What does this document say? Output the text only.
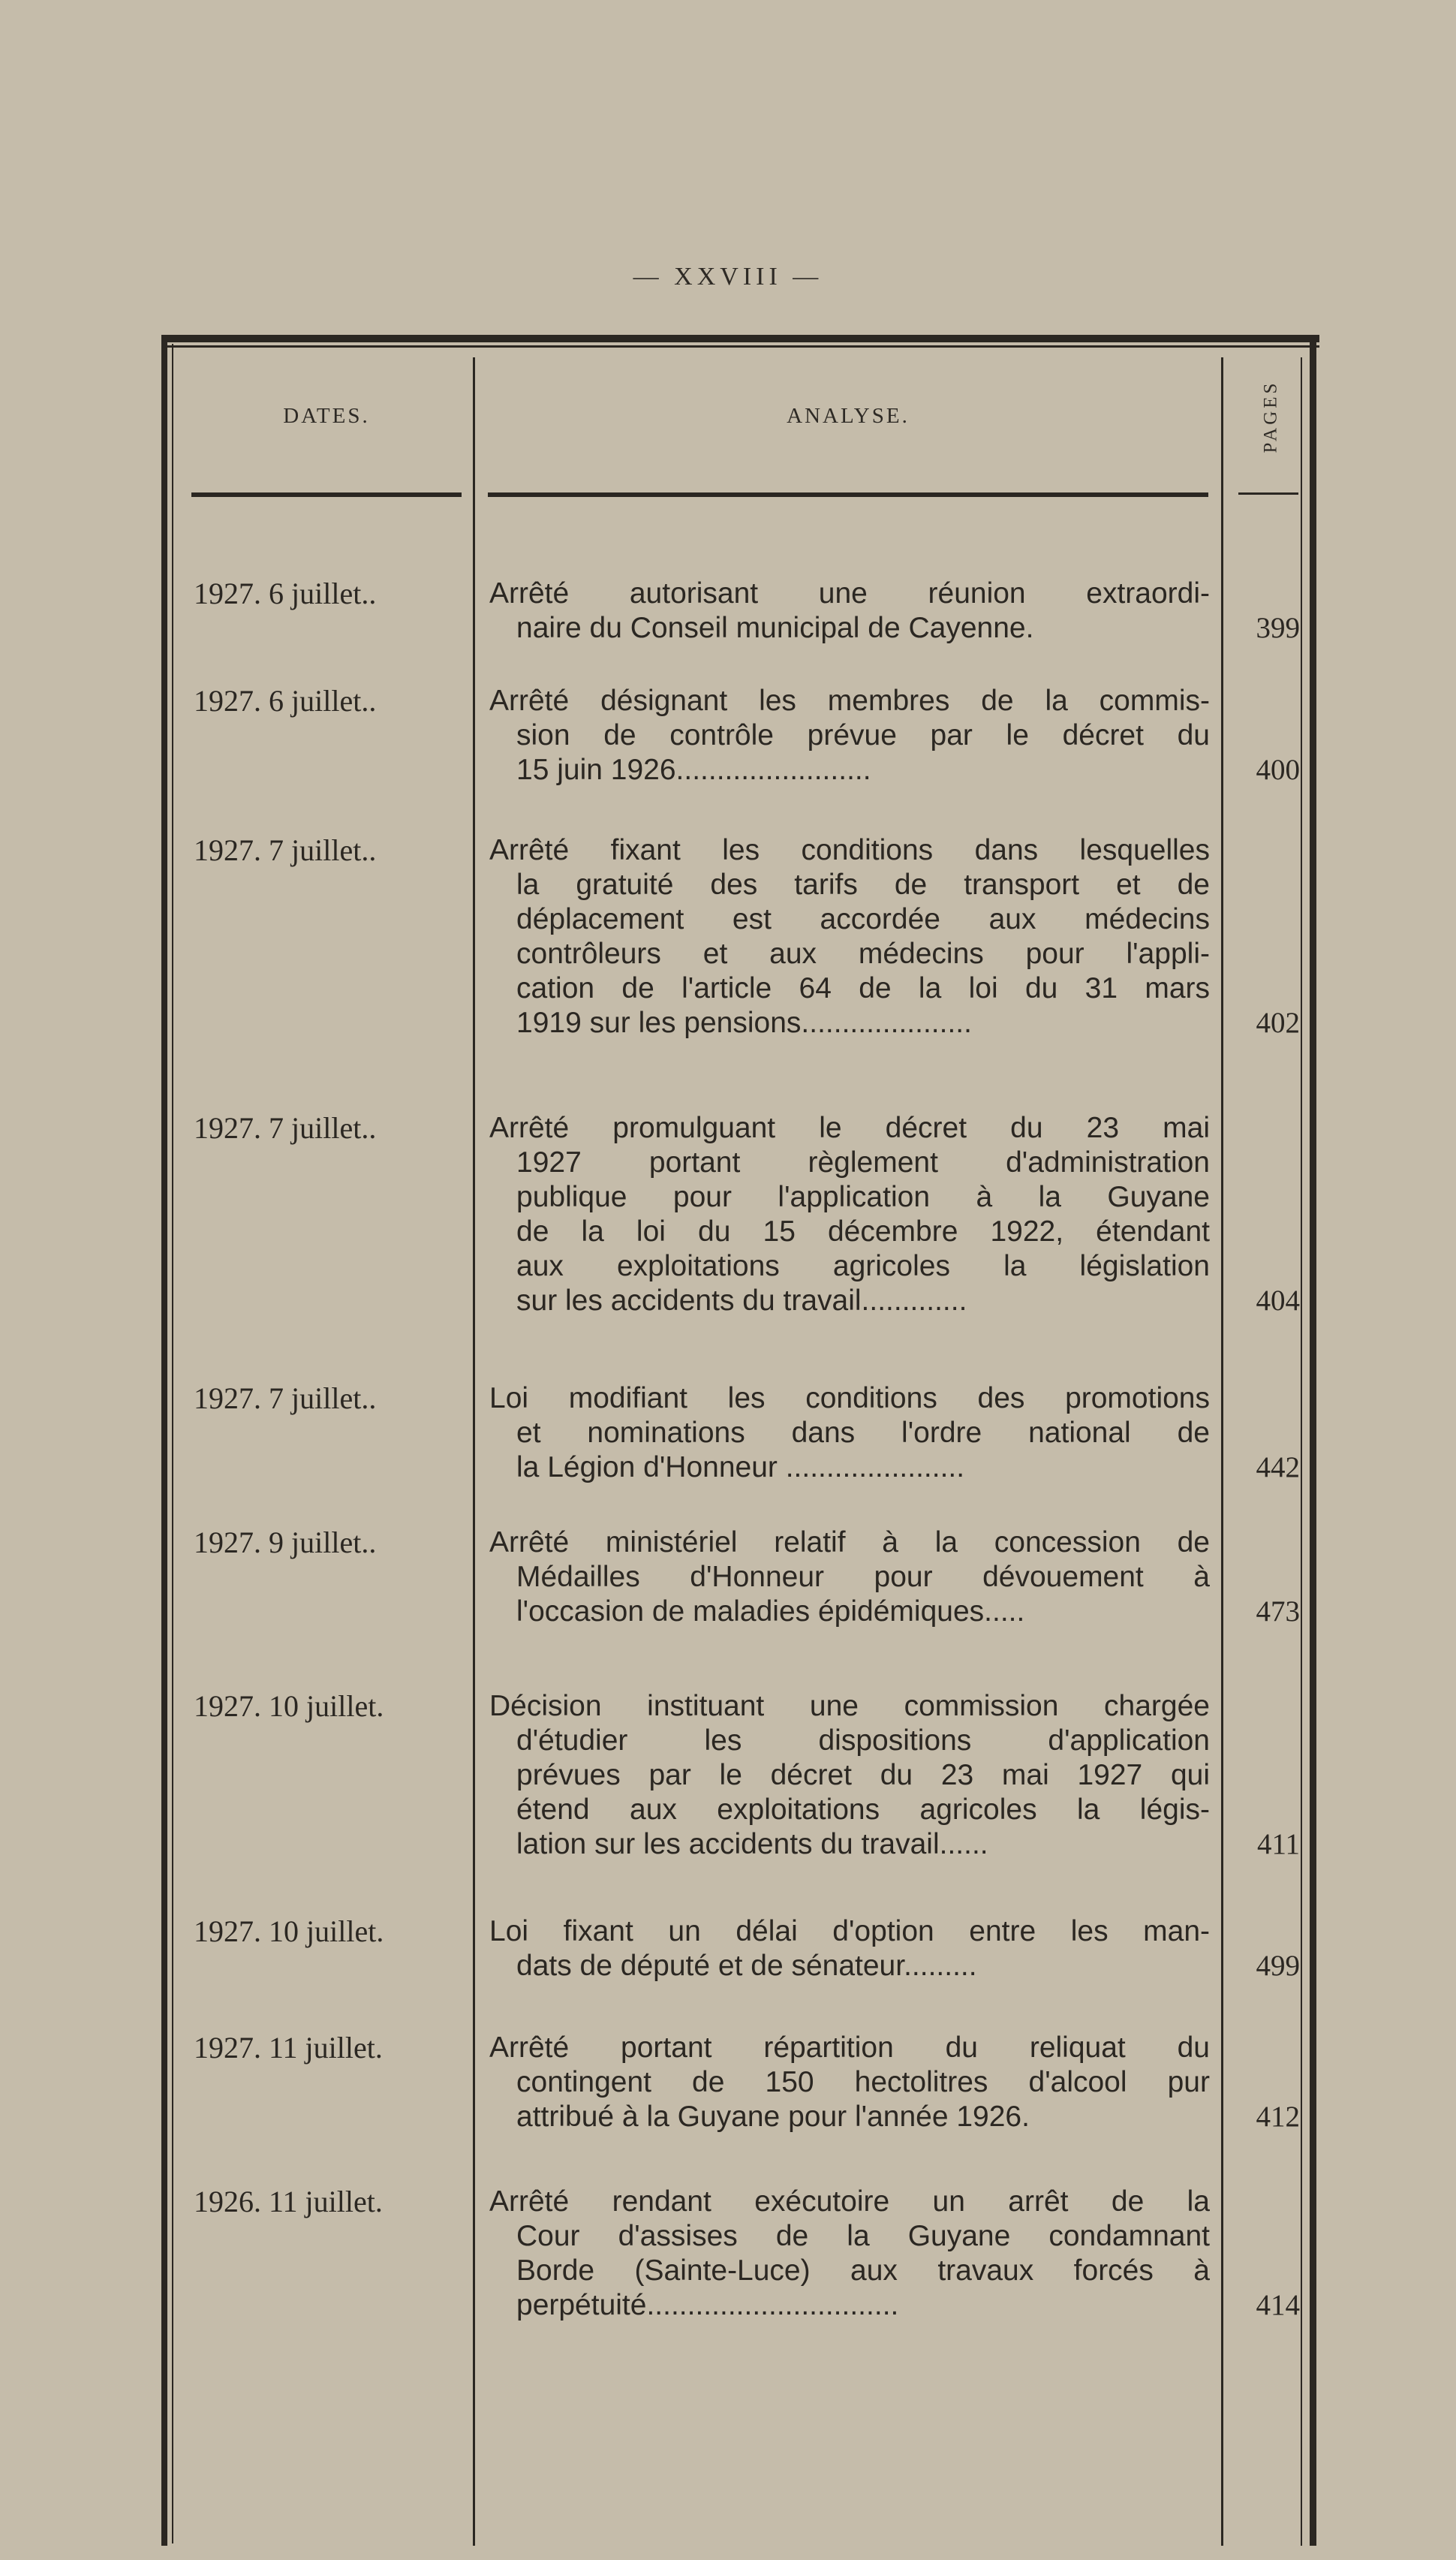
— XXVIII —
DATES.	ANALYSE.	PAGES
1927. 6 juillet..	Arrêté autorisant une réunion extraordi-
naire du Conseil municipal de Cayenne.	399
1927. 6 juillet..	Arrêté désignant les membres de la commis-
sion de contrôle prévue par le décret du
15 juin 1926........................	400
1927. 7 juillet..	Arrêté fixant les conditions dans lesquelles
la gratuité des tarifs de transport et de
déplacement est accordée aux médecins
contrôleurs et aux médecins pour l'appli-
cation de l'article 64 de la loi du 31 mars
1919 sur les pensions.....................	402
1927. 7 juillet..	Arrêté promulguant le décret du 23 mai
1927 portant règlement d'administration
publique pour l'application à la Guyane
de la loi du 15 décembre 1922, étendant
aux exploitations agricoles la législation
sur les accidents du travail.............	404
1927. 7 juillet..	Loi modifiant les conditions des promotions
et nominations dans l'ordre national de
la Légion d'Honneur ......................	442
1927. 9 juillet..	Arrêté ministériel relatif à la concession de
Médailles d'Honneur pour dévouement à
l'occasion de maladies épidémiques.....	473
1927. 10 juillet.	Décision instituant une commission chargée
d'étudier les dispositions d'application
prévues par le décret du 23 mai 1927 qui
étend aux exploitations agricoles la légis-
lation sur les accidents du travail......	411
1927. 10 juillet.	Loi fixant un délai d'option entre les man-
dats de député et de sénateur.........	499
1927. 11 juillet.	Arrêté portant répartition du reliquat du
contingent de 150 hectolitres d'alcool pur
attribué à la Guyane pour l'année 1926.	412
1926. 11 juillet.	Arrêté rendant exécutoire un arrêt de la
Cour d'assises de la Guyane condamnant
Borde (Sainte-Luce) aux travaux forcés à
perpétuité...............................	414
